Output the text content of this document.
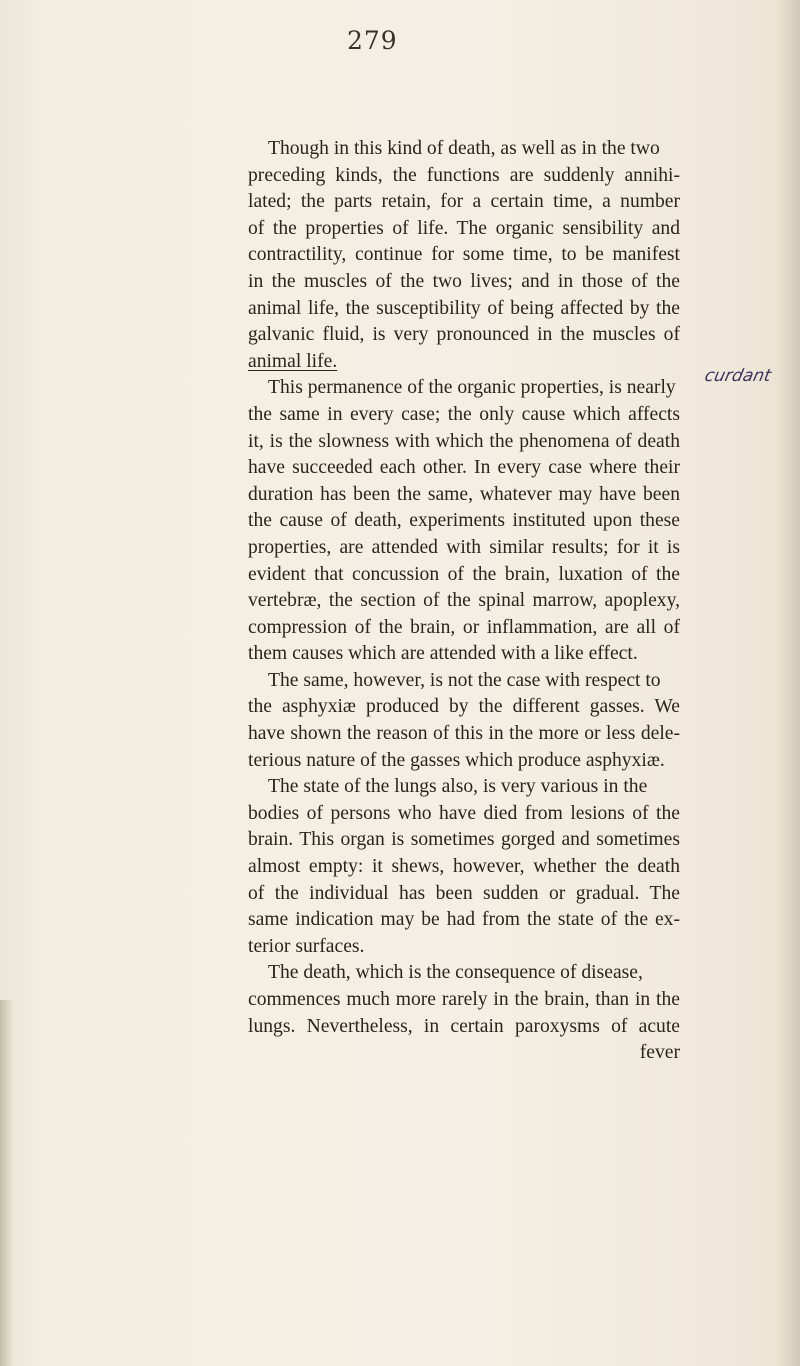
279
Though in this kind of death, as well as in the two
preceding kinds, the functions are suddenly annihi-
lated; the parts retain, for a certain time, a number
of the properties of life. The organic sensibility and
contractility, continue for some time, to be manifest
in the muscles of the two lives; and in those of the
animal life, the susceptibility of being affected by the
galvanic fluid, is very pronounced in the muscles of
animal life.
This permanence of the organic properties, is nearly
the same in every case; the only cause which affects
it, is the slowness with which the phenomena of death
have succeeded each other. In every case where their
duration has been the same, whatever may have been
the cause of death, experiments instituted upon these
properties, are attended with similar results; for it is
evident that concussion of the brain, luxation of the
vertebræ, the section of the spinal marrow, apoplexy,
compression of the brain, or inflammation, are all of
them causes which are attended with a like effect.
The same, however, is not the case with respect to
the asphyxiæ produced by the different gasses. We
have shown the reason of this in the more or less dele-
terious nature of the gasses which produce asphyxiæ.
The state of the lungs also, is very various in the
bodies of persons who have died from lesions of the
brain. This organ is sometimes gorged and sometimes
almost empty: it shews, however, whether the death
of the individual has been sudden or gradual. The
same indication may be had from the state of the ex-
terior surfaces.
The death, which is the consequence of disease,
commences much more rarely in the brain, than in the
lungs. Nevertheless, in certain paroxysms of acute
fever

curdant
